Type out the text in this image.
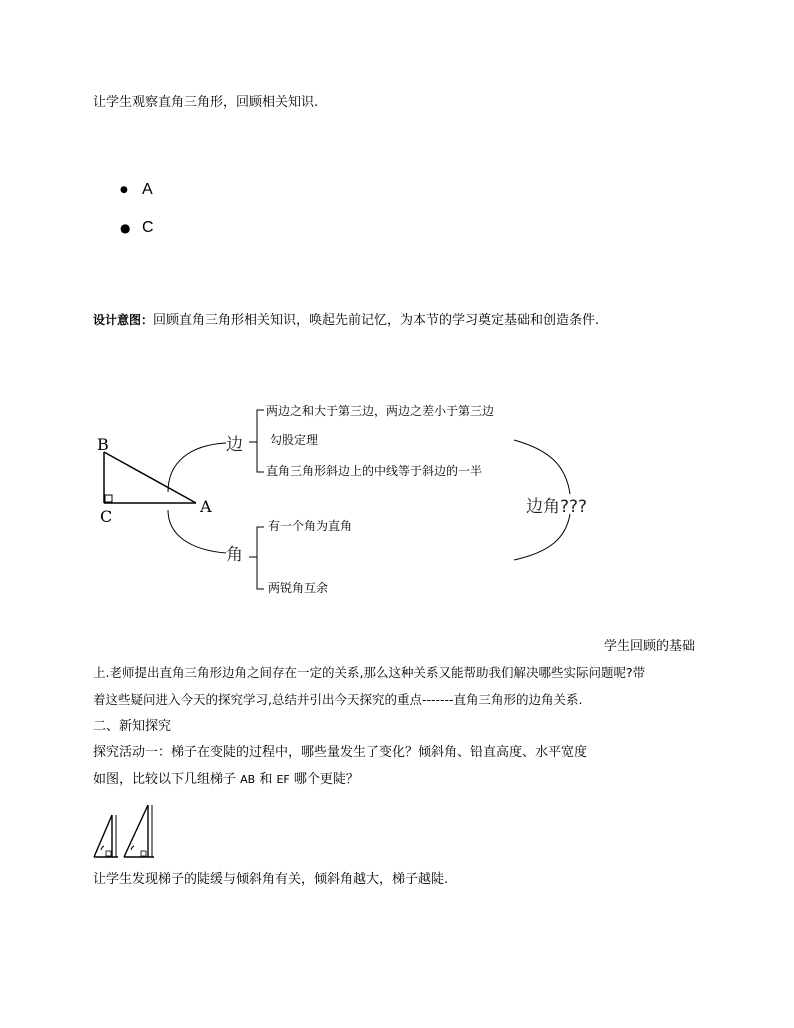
让学生观察直角三角形，回顾相关知识.
● A
● C
设计意图：回顾直角三角形相关知识，唤起先前记忆，为本节的学习奠定基础和创造条件.
B
C
A
边
角
两边之和大于第三边，两边之差小于第三边
勾股定理
直角三角形斜边上的中线等于斜边的一半
有一个角为直角
两锐角互余
边角???
学生回顾的基础
上.老师提出直角三角形边角之间存在一定的关系,那么这种关系又能帮助我们解决哪些实际问题呢?带
着这些疑问进入今天的探究学习,总结并引出今天探究的重点-------直角三角形的边角关系.
二、新知探究
探究活动一：梯子在变陡的过程中，哪些量发生了变化？倾斜角、铅直高度、水平宽度
如图，比较以下几组梯子 AB 和 EF 哪个更陡？
让学生发现梯子的陡缓与倾斜角有关，倾斜角越大，梯子越陡.
